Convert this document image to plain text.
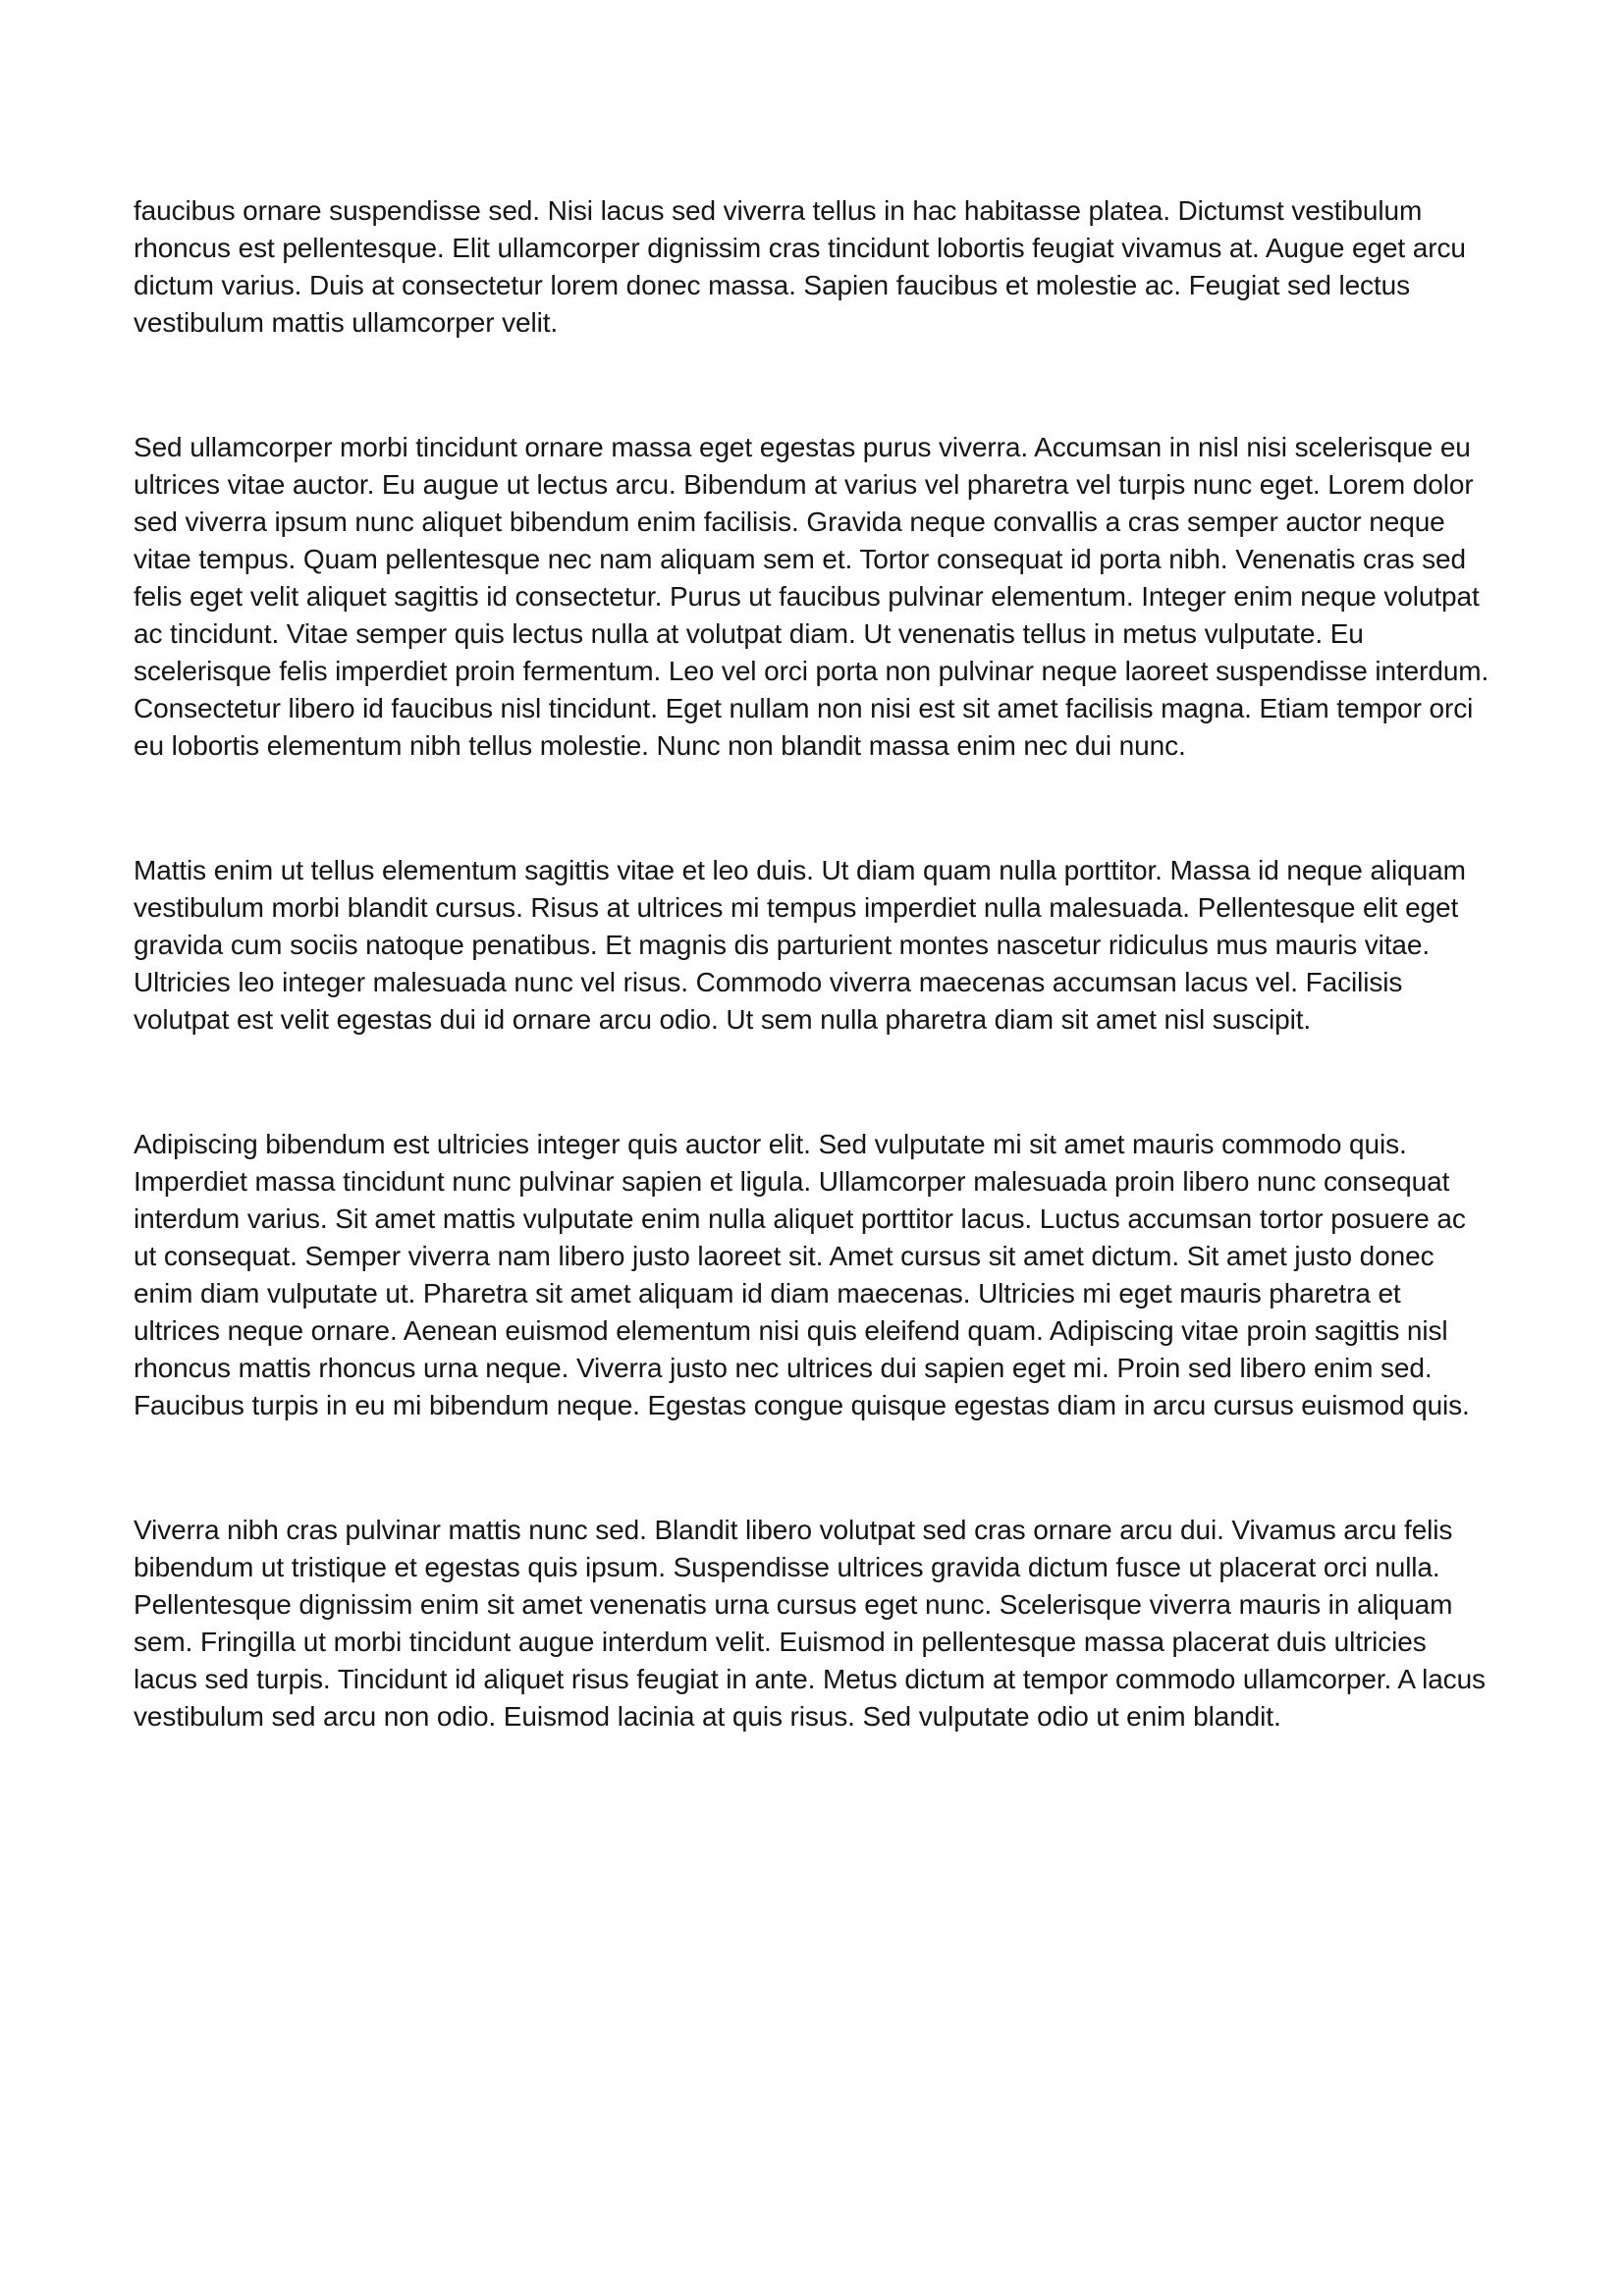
faucibus ornare suspendisse sed. Nisi lacus sed viverra tellus in hac habitasse platea. Dictumst vestibulum rhoncus est pellentesque. Elit ullamcorper dignissim cras tincidunt lobortis feugiat vivamus at. Augue eget arcu dictum varius. Duis at consectetur lorem donec massa. Sapien faucibus et molestie ac. Feugiat sed lectus vestibulum mattis ullamcorper velit.

Sed ullamcorper morbi tincidunt ornare massa eget egestas purus viverra. Accumsan in nisl nisi scelerisque eu ultrices vitae auctor. Eu augue ut lectus arcu. Bibendum at varius vel pharetra vel turpis nunc eget. Lorem dolor sed viverra ipsum nunc aliquet bibendum enim facilisis. Gravida neque convallis a cras semper auctor neque vitae tempus. Quam pellentesque nec nam aliquam sem et. Tortor consequat id porta nibh. Venenatis cras sed felis eget velit aliquet sagittis id consectetur. Purus ut faucibus pulvinar elementum. Integer enim neque volutpat ac tincidunt. Vitae semper quis lectus nulla at volutpat diam. Ut venenatis tellus in metus vulputate. Eu scelerisque felis imperdiet proin fermentum. Leo vel orci porta non pulvinar neque laoreet suspendisse interdum. Consectetur libero id faucibus nisl tincidunt. Eget nullam non nisi est sit amet facilisis magna. Etiam tempor orci eu lobortis elementum nibh tellus molestie. Nunc non blandit massa enim nec dui nunc.

Mattis enim ut tellus elementum sagittis vitae et leo duis. Ut diam quam nulla porttitor. Massa id neque aliquam vestibulum morbi blandit cursus. Risus at ultrices mi tempus imperdiet nulla malesuada. Pellentesque elit eget gravida cum sociis natoque penatibus. Et magnis dis parturient montes nascetur ridiculus mus mauris vitae. Ultricies leo integer malesuada nunc vel risus. Commodo viverra maecenas accumsan lacus vel. Facilisis volutpat est velit egestas dui id ornare arcu odio. Ut sem nulla pharetra diam sit amet nisl suscipit.

Adipiscing bibendum est ultricies integer quis auctor elit. Sed vulputate mi sit amet mauris commodo quis. Imperdiet massa tincidunt nunc pulvinar sapien et ligula. Ullamcorper malesuada proin libero nunc consequat interdum varius. Sit amet mattis vulputate enim nulla aliquet porttitor lacus. Luctus accumsan tortor posuere ac ut consequat. Semper viverra nam libero justo laoreet sit. Amet cursus sit amet dictum. Sit amet justo donec enim diam vulputate ut. Pharetra sit amet aliquam id diam maecenas. Ultricies mi eget mauris pharetra et ultrices neque ornare. Aenean euismod elementum nisi quis eleifend quam. Adipiscing vitae proin sagittis nisl rhoncus mattis rhoncus urna neque. Viverra justo nec ultrices dui sapien eget mi. Proin sed libero enim sed. Faucibus turpis in eu mi bibendum neque. Egestas congue quisque egestas diam in arcu cursus euismod quis.

Viverra nibh cras pulvinar mattis nunc sed. Blandit libero volutpat sed cras ornare arcu dui. Vivamus arcu felis bibendum ut tristique et egestas quis ipsum. Suspendisse ultrices gravida dictum fusce ut placerat orci nulla. Pellentesque dignissim enim sit amet venenatis urna cursus eget nunc. Scelerisque viverra mauris in aliquam sem. Fringilla ut morbi tincidunt augue interdum velit. Euismod in pellentesque massa placerat duis ultricies lacus sed turpis. Tincidunt id aliquet risus feugiat in ante. Metus dictum at tempor commodo ullamcorper. A lacus vestibulum sed arcu non odio. Euismod lacinia at quis risus. Sed vulputate odio ut enim blandit.
